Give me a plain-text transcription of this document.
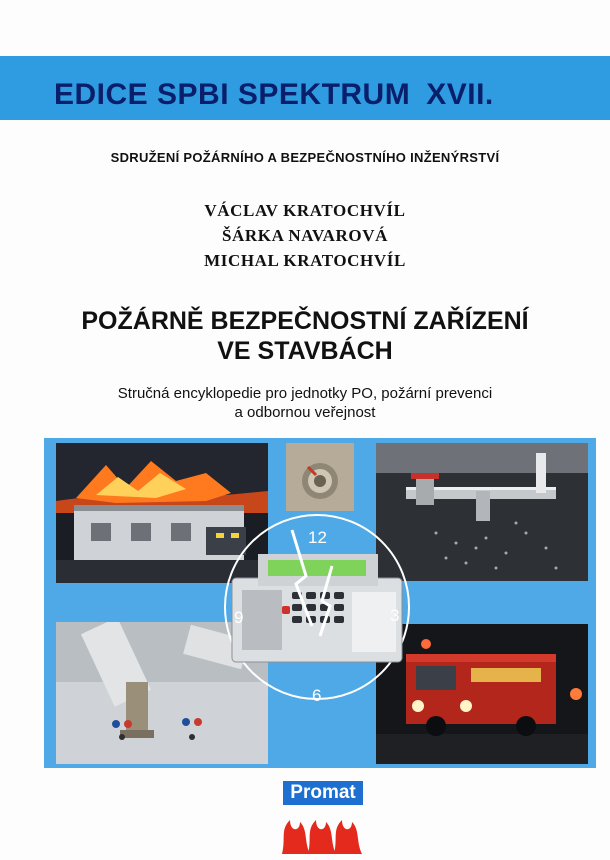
EDICE SPBI SPEKTRUM XVII.
SDRUŽENÍ POŽÁRNÍHO A BEZPEČNOSTNÍHO INŽENÝRSTVÍ
VÁCLAV KRATOCHVÍL
ŠÁRKA NAVAROVÁ
MICHAL KRATOCHVÍL
POŽÁRNĚ BEZPEČNOSTNÍ ZAŘÍZENÍ
VE STAVBÁCH
Stručná encyklopedie pro jednotky PO, požární prevenci
a odbornou veřejnost
12
3
6
9
Promat
